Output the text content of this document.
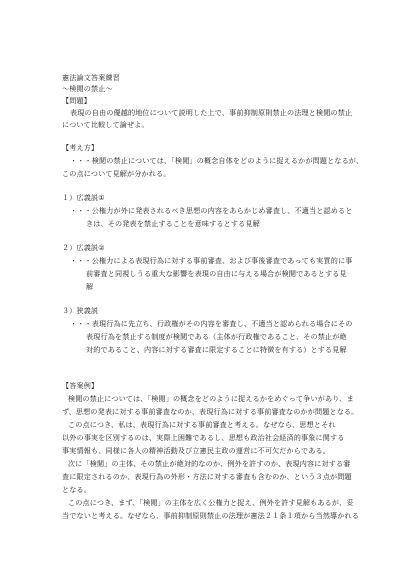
憲法論文答案練習
〜検閲の禁止〜
【問題】
表現の自由の優越的地位について説明した上で、事前抑制原則禁止の法理と検閲の禁止
について比較して論ぜよ。
【考え方】
・・・検閲の禁止については、「検閲」の概念自体をどのように捉えるかが問題となるが、
この点について見解が分かれる。
１）広義説①
・・・公権力が外に発表されるべき思想の内容をあらかじめ審査し、不適当と認めると
きは、その発表を禁止することを意味するとする見解
２）広義説②
・・・公権力による表現行為に対する事前審査、および事後審査であっても実質的に事
前審査と同視しうる重大な影響を表現の自由に与える場合が検閲であるとする見
解
３）狭義説
・・・表現行為に先立ち、行政権がその内容を審査し、不適当と認められる場合にその
表現行為を禁止する制度が検閲である（主体が行政権であること、その禁止が絶
対的であること、内容に対する審査に限定することに特徴を有する）とする見解
【答案例】
検閲の禁止については、「検閲」の概念をどのように捉えるかをめぐって争いがあり、ま
ず、思想の発表に対する事前審査なのか、表現行為に対する事前審査なのかが問題となる。
この点につき、私は、表現行為に対する事前審査と考える。なぜなら、思想とそれ
以外の事実を区別するのは、実際上困難であるし、思想も政治社会経済的事象に関する
事実情報も、同様に各人の精神活動及び立憲民主政の運営に不可欠だからである。
次に「検閲」の主体、その禁止が絶対的なのか、例外を許すのか、表現内容に対する審
査に限定されるのか、表現行為の外形・方法に対する審査も含むのか、という３点が問題
となる。
この点につき、まず、「検閲」の主体を広く公権力と捉え、例外を許す見解もあるが、妥
当でないと考える。なぜなら、事前抑制原則禁止の法理が憲法２１条１項から当然導かれる
